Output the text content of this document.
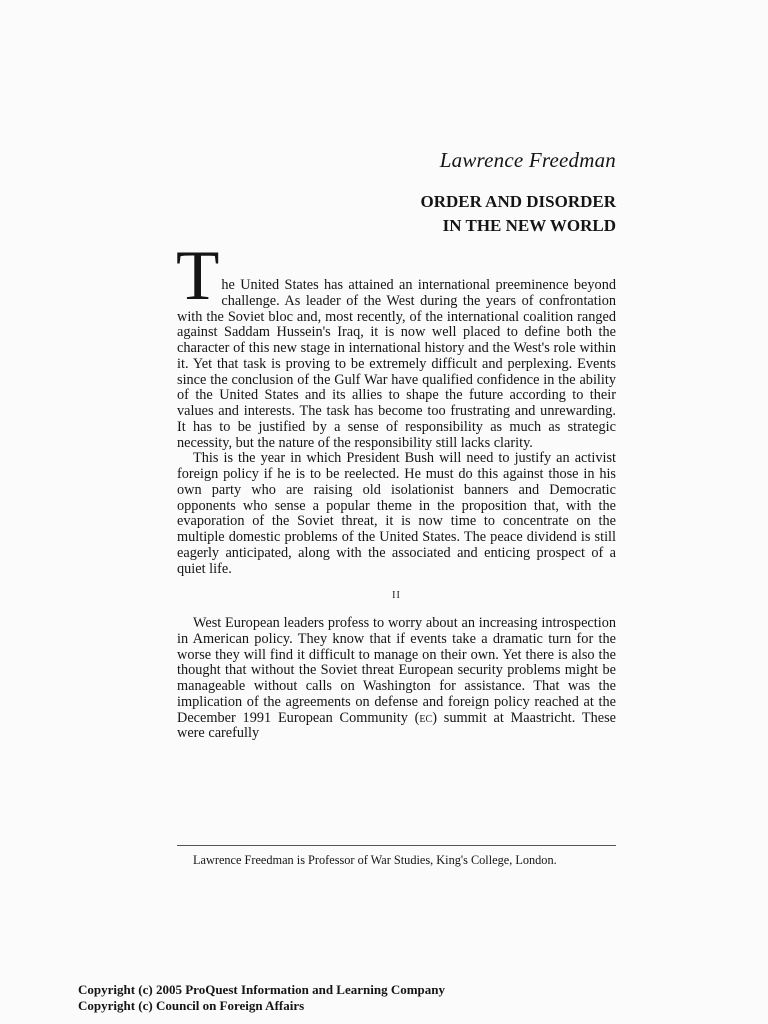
Lawrence Freedman
ORDER AND DISORDER
IN THE NEW WORLD
T he United States has attained an international preeminence beyond challenge. As leader of the West during the years of confrontation with the Soviet bloc and, most recently, of the international coalition ranged against Saddam Hussein's Iraq, it is now well placed to define both the character of this new stage in international history and the West's role within it. Yet that task is proving to be extremely difficult and perplexing. Events since the conclusion of the Gulf War have qualified confidence in the ability of the United States and its allies to shape the future according to their values and interests. The task has become too frustrating and unrewarding. It has to be justified by a sense of responsibility as much as strategic necessity, but the nature of the responsibility still lacks clarity.

This is the year in which President Bush will need to justify an activist foreign policy if he is to be reelected. He must do this against those in his own party who are raising old isolationist banners and Democratic opponents who sense a popular theme in the proposition that, with the evaporation of the Soviet threat, it is now time to concentrate on the multiple domestic problems of the United States. The peace dividend is still eagerly anticipated, along with the associated and enticing prospect of a quiet life.

II

West European leaders profess to worry about an increasing introspection in American policy. They know that if events take a dramatic turn for the worse they will find it difficult to manage on their own. Yet there is also the thought that without the Soviet threat European security problems might be manageable without calls on Washington for assistance. That was the implication of the agreements on defense and foreign policy reached at the December 1991 European Community (ec) summit at Maastricht. These were carefully

Lawrence Freedman is Professor of War Studies, King's College, London.
Copyright (c) 2005 ProQuest Information and Learning Company
Copyright (c) Council on Foreign Affairs
